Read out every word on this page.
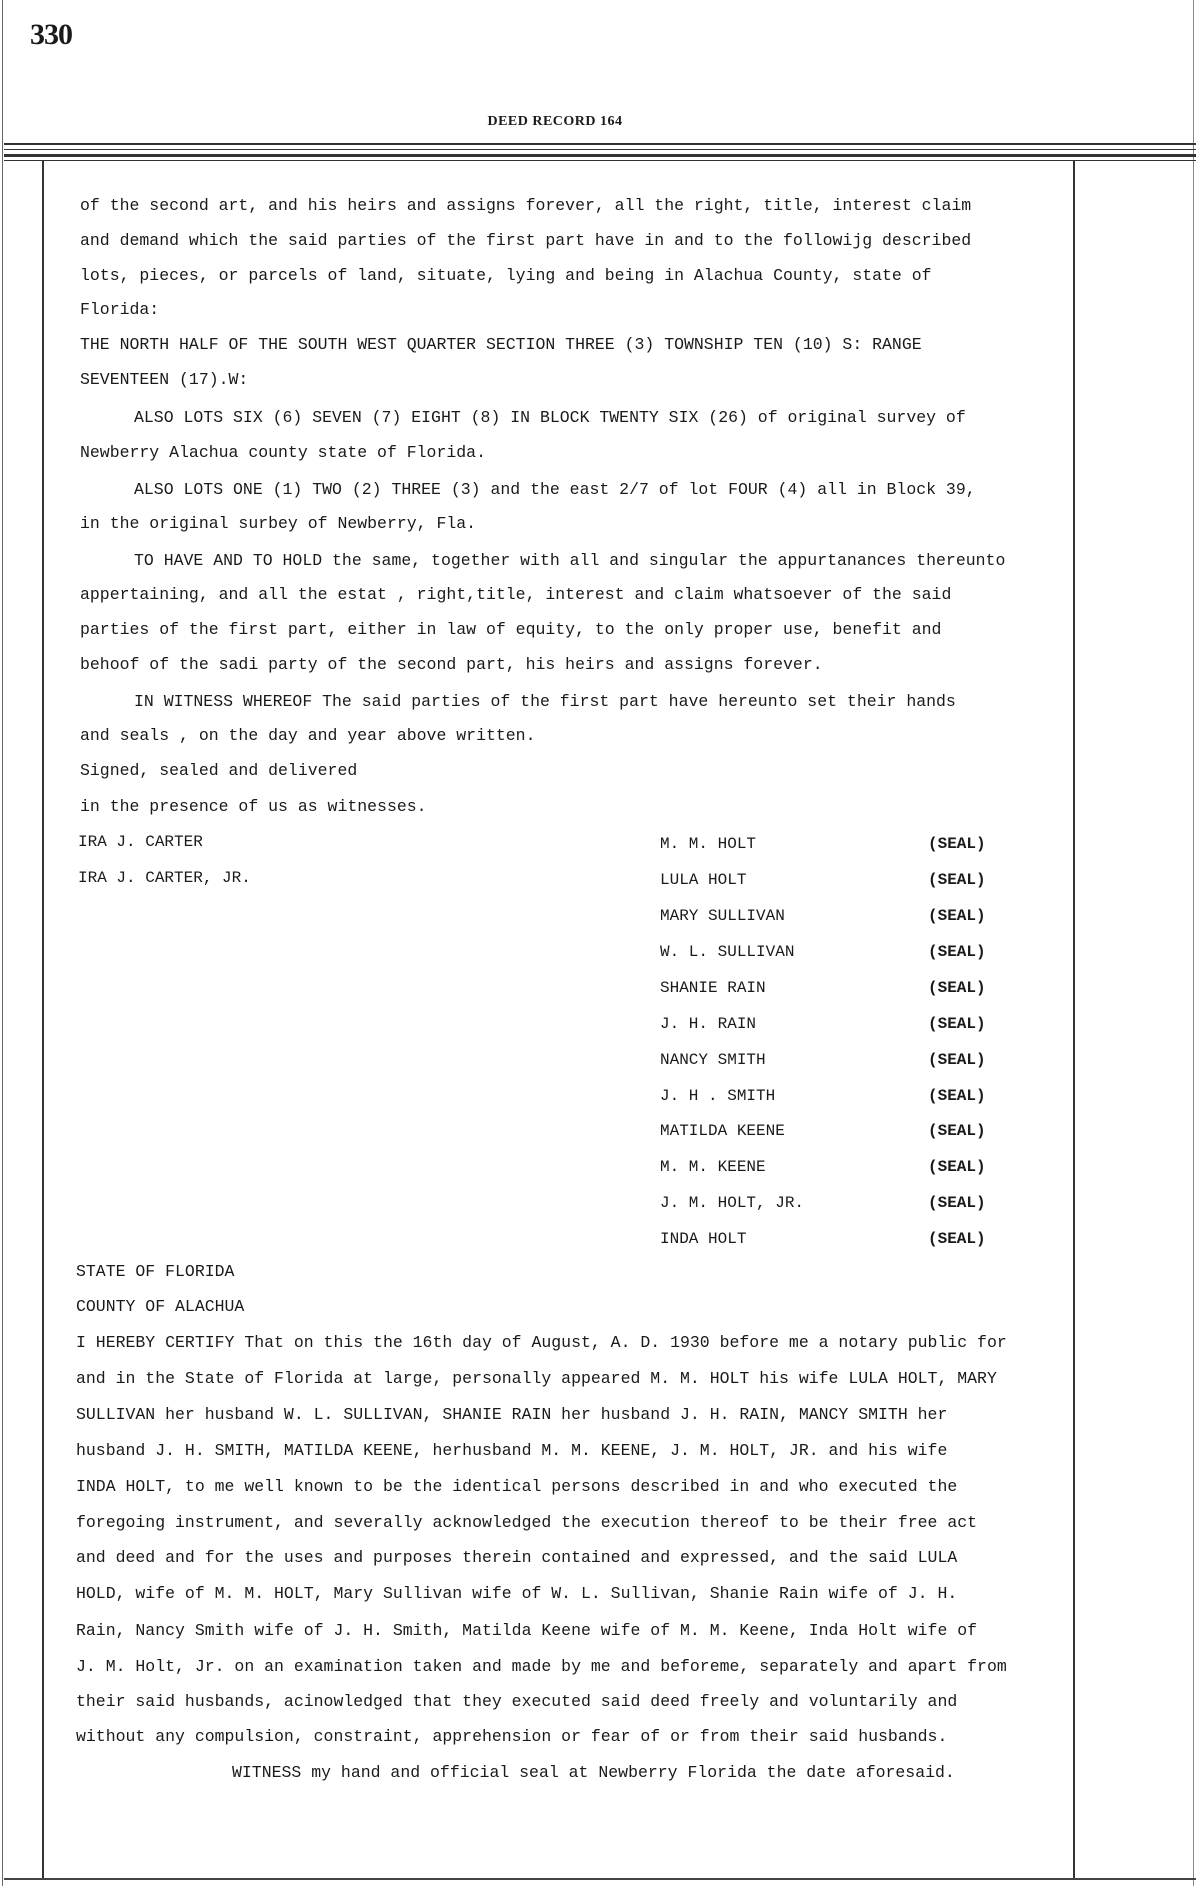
330
DEED RECORD 164
of the second art, and his heirs and assigns forever, all the right, title, interest claim
and demand which the said parties of the first part have in and to the followijg described
lots, pieces, or parcels of land, situate, lying and being in Alachua County, state of
Florida:
THE NORTH HALF OF THE SOUTH WEST QUARTER SECTION THREE (3) TOWNSHIP TEN (10) S: RANGE
SEVENTEEN (17).W:
ALSO LOTS SIX (6) SEVEN (7) EIGHT (8) IN BLOCK TWENTY SIX (26) of original survey of
Newberry Alachua county state of Florida.
ALSO LOTS ONE (1) TWO (2) THREE (3) and the east 2/7 of lot FOUR (4) all in Block 39,
in the original surbey of Newberry, Fla.
TO HAVE AND TO HOLD the same, together with all and singular the appurtanances thereunto
appertaining, and all the estat , right,title, interest and claim whatsoever of the said
parties of the first part, either in law of equity, to the only proper use, benefit and
behoof of the sadi party of the second part, his heirs and assigns forever.
IN WITNESS WHEREOF The said parties of the first part have hereunto set their hands
and seals , on the day and year above written.
Signed, sealed and delivered
in the presence of us as witnesses.
IRA J. CARTER
IRA J. CARTER, JR.
M. M. HOLT	(SEAL)
LULA HOLT	(SEAL)
MARY SULLIVAN	(SEAL)
W. L. SULLIVAN	(SEAL)
SHANIE RAIN	(SEAL)
J. H. RAIN	(SEAL)
NANCY SMITH	(SEAL)
J. H . SMITH	(SEAL)
MATILDA KEENE	(SEAL)
M. M. KEENE	(SEAL)
J. M. HOLT, JR.	(SEAL)
INDA HOLT	(SEAL)
STATE OF FLORIDA
COUNTY OF ALACHUA
I HEREBY CERTIFY That on this the 16th day of August, A. D. 1930 before me a notary public for
and in the State of Florida at large, personally appeared M. M. HOLT his wife LULA HOLT, MARY
SULLIVAN her husband W. L. SULLIVAN, SHANIE RAIN her husband J. H. RAIN, MANCY SMITH her
husband J. H. SMITH, MATILDA KEENE, herhusband M. M. KEENE, J. M. HOLT, JR. and his wife
INDA HOLT, to me well known to be the identical persons described in and who executed the
foregoing instrument, and severally acknowledged the execution thereof to be their free act
and deed and for the uses and purposes therein contained and expressed, and the said LULA
HOLD, wife of M. M. HOLT, Mary Sullivan wife of W. L. Sullivan, Shanie Rain wife of J. H.
Rain, Nancy Smith wife of J. H. Smith, Matilda Keene wife of M. M. Keene, Inda Holt wife of
J. M. Holt, Jr. on an examination taken and made by me and beforeme, separately and apart from
their said husbands, acinowledged that they executed said deed freely and voluntarily and
without any compulsion, constraint, apprehension or fear of or from their said husbands.
WITNESS my hand and official seal at Newberry Florida the date aforesaid.
